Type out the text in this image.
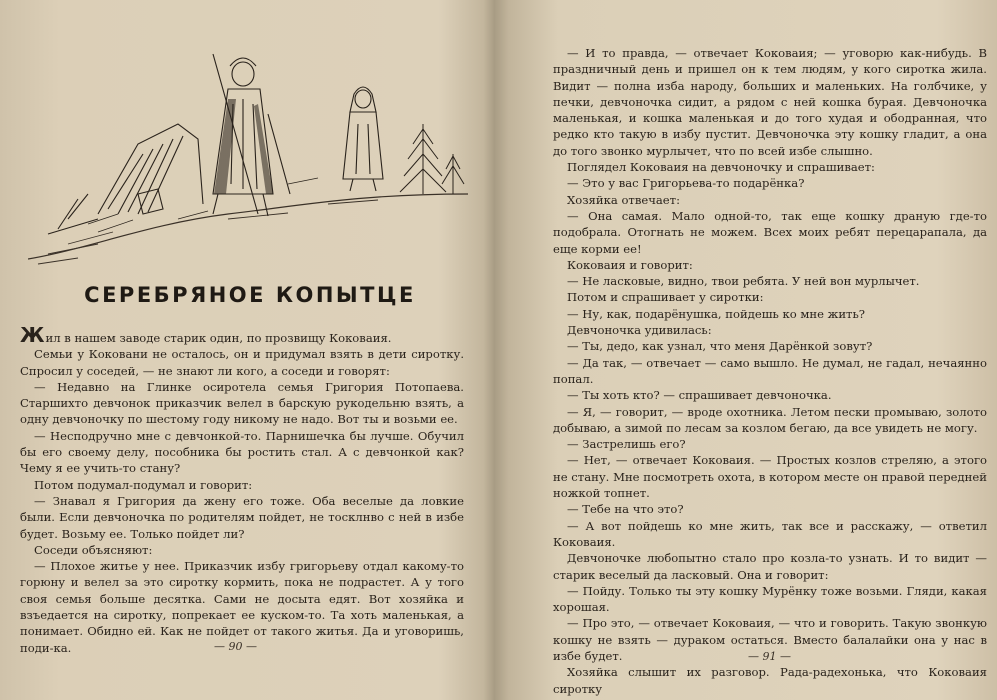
СЕРЕБРЯНОЕ КОПЫТЦЕ

Жил в нашем заводе старик один, по прозвищу Коковаия.

Семьи у Коковани не осталось, он и придумал взять в дети сиротку. Спросил у соседей, — не знают ли кого, а соседи и говорят:

— Недавно на Глинке осиротела семья Григория Потопаева. Старшихто девчонок приказчик велел в барскую рукодельню взять, а одну девчоночку по шестому году никому не надо. Вот ты и возьми ее.

— Несподручно мне с девчонкой-то. Парнишечка бы лучше. Обучил бы его своему делу, пособника бы ростить стал. А с девчонкой как? Чему я ее учить-то стану?

Потом подумал-подумал и говорит:

— Знавал я Григория да жену его тоже. Оба веселые да ловкие были. Если девчоночка по родителям пойдет, не тосклнво с ней в избе будет. Возьму ее. Только пойдет ли?

Соседи объясняют:

— Плохое житье у нее. Приказчик избу григорьеву отдал какому-то горюну и велел за это сиротку кормить, пока не подрастет. А у того своя семья больше десятка. Сами не досыта едят. Вот хозяйка и взъедается на сиротку, попрекает ее куском-то. Та хоть маленькая, а понимает. Обидно ей. Как не пойдет от такого житья. Да и уговоришь, поди-ка.	— 90 —

— И то правда, — отвечает Коковаия; — уговорю как-нибудь. В праздничный день и пришел он к тем людям, у кого сиротка жила. Видит — полна изба народу, больших и маленьких. На голбчике, у печки, девчоночка сидит, а рядом с ней кошка бурая. Девчоночка маленькая, и кошка маленькая и до того худая и ободранная, что редко кто такую в избу пустит. Девчоночка эту кошку гладит, а она до того звонко мурлычет, что по всей избе слышно.

Поглядел Коковаия на девчоночку и спрашивает:

— Это у вас Григорьева-то подарёнка?

Хозяйка отвечает:

— Она самая. Мало одной-то, так еще кошку драную где-то подобрала. Отогнать не можем. Всех моих ребят перецарапала, да еще корми ее!

Коковаия и говорит:

— Не ласковые, видно, твои ребята. У ней вон мурлычет.

Потом и спрашивает у сиротки:

— Ну, как, подарёнушка, пойдешь ко мне жить?

Девчоночка удивилась:

— Ты, дедо, как узнал, что меня Дарёнкой зовут?

— Да так, — отвечает — само вышло. Не думал, не гадал, нечаянно попал.

— Ты хоть кто? — спрашивает девчоночка.

— Я, — говорит, — вроде охотника. Летом пески промываю, золото добываю, а зимой по лесам за козлом бегаю, да все увидеть не могу.

— Застрелишь его?

— Нет, — отвечает Коковаия. — Простых козлов стреляю, а этого не стану. Мне посмотреть охота, в котором месте он правой передней ножкой топнет.

— Тебе на что это?

— А вот пойдешь ко мне жить, так все и расскажу, — ответил Коковаия.

Девчоночке любопытно стало про козла-то узнать. И то видит — старик веселый да ласковый. Она и говорит:

— Пойду. Только ты эту кошку Мурёнку тоже возьми. Гляди, какая хорошая.

— Про это, — отвечает Коковаия, — что и говорить. Такую звонкую кошку не взять — дураком остаться. Вместо балалайки она у нас в избе будет.

Хозяйка слышит их разговор. Рада-радехонька, что Коковаия сиротку

— 91 —
